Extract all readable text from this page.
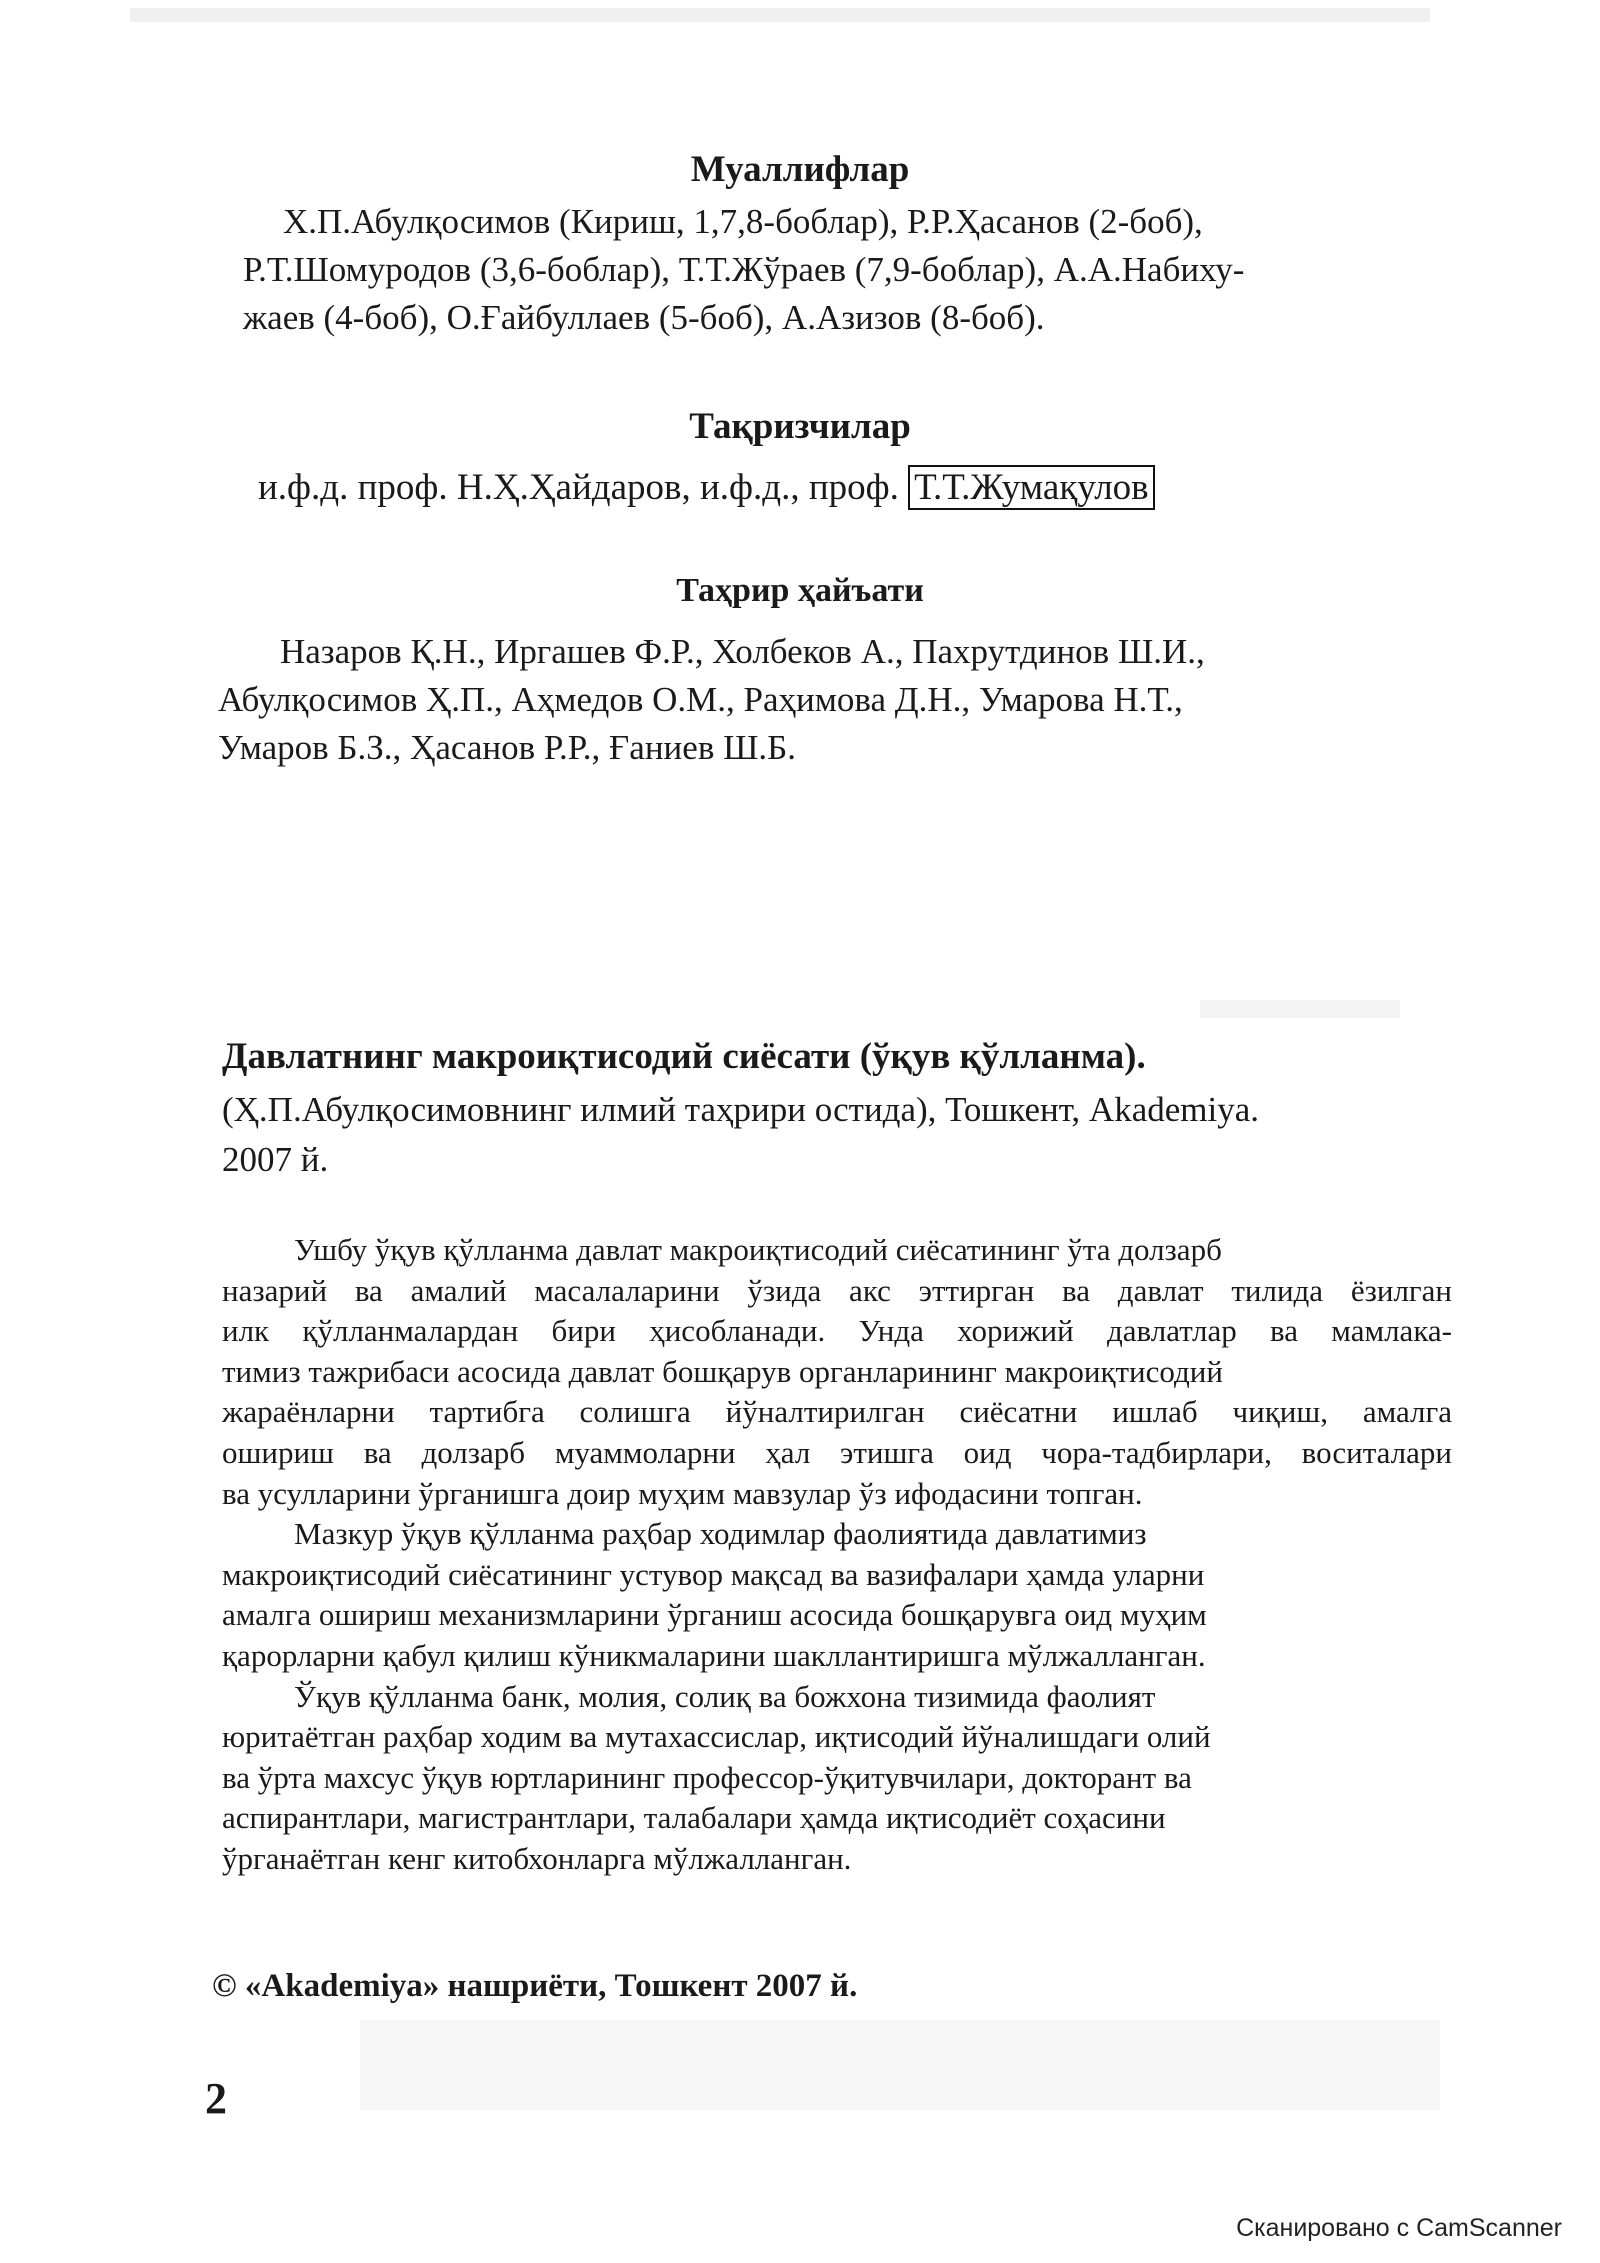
Муаллифлар
Х.П.Абулқосимов (Кириш, 1,7,8-боблар), Р.Р.Ҳасанов (2-боб),
Р.Т.Шомуродов (3,6-боблар), Т.Т.Жўраев (7,9-боблар), А.А.Набиху-
жаев (4-боб), О.Ғайбуллаев (5-боб), А.Азизов (8-боб).
Тақризчилар
и.ф.д. проф. Н.Ҳ.Ҳайдаров, и.ф.д., проф. Т.Т.Жумақулов
Таҳрир ҳайъати
Назаров Қ.Н., Иргашев Ф.Р., Холбеков А., Пахрутдинов Ш.И.,
Абулқосимов Ҳ.П., Аҳмедов О.М., Раҳимова Д.Н., Умарова Н.Т.,
Умаров Б.З., Ҳасанов Р.Р., Ғаниев Ш.Б.
Давлатнинг макроиқтисодий сиёсати (ўқув қўлланма).
(Ҳ.П.Абулқосимовнинг илмий таҳрири остида), Тошкент, Akademiya.
2007 й.
Ушбу ўқув қўлланма давлат макроиқтисодий сиёсатининг ўта долзарб
назарий ва амалий масалаларини ўзида акс эттирган ва давлат тилида ёзилган
илк қўлланмалардан бири ҳисобланади. Унда хорижий давлатлар ва мамлака-
тимиз тажрибаси асосида давлат бошқарув органларининг макроиқтисодий
жараёнларни тартибга солишга йўналтирилган сиёсатни ишлаб чиқиш, амалга
ошириш ва долзарб муаммоларни ҳал этишга оид чора-тадбирлари, воситалари
ва усулларини ўрганишга доир муҳим мавзулар ўз ифодасини топган.
Мазкур ўқув қўлланма раҳбар ходимлар фаолиятида давлатимиз
макроиқтисодий сиёсатининг устувор мақсад ва вазифалари ҳамда уларни
амалга ошириш механизмларини ўрганиш асосида бошқарувга оид муҳим
қарорларни қабул қилиш кўникмаларини шакллантиришга мўлжалланган.
Ўқув қўлланма банк, молия, солиқ ва божхона тизимида фаолият
юритаётган раҳбар ходим ва мутахассислар, иқтисодий йўналишдаги олий
ва ўрта махсус ўқув юртларининг профессор-ўқитувчилари, докторант ва
аспирантлари, магистрантлари, талабалари ҳамда иқтисодиёт соҳасини
ўрганаётган кенг китобхонларга мўлжалланган.
© «Akademiya» нашриёти, Тошкент 2007 й.
2
Сканировано с CamScanner
